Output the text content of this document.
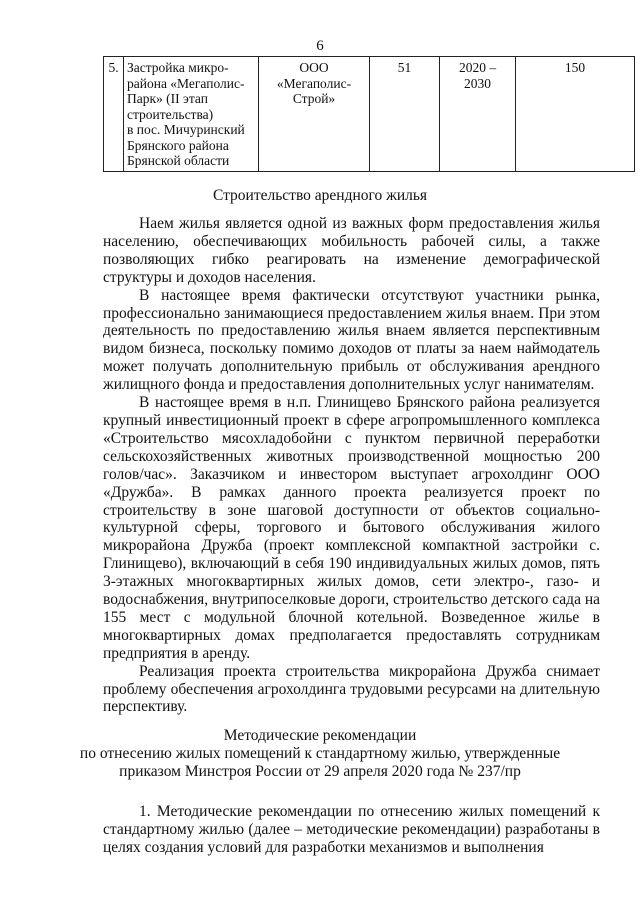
6
5.	Застройка микро-
района «Мегаполис-
Парк» (II этап
строительства)
в пос. Мичуринский
Брянского района
Брянской области	ООО «Мегаполис-
Строй»	51	2020 –
2030	150
Строительство арендного жилья

Наем жилья является одной из важных форм предоставления жилья населению, обеспечивающих мобильность рабочей силы, а также позволяющих гибко реагировать на изменение демографической структуры и доходов населения.

В настоящее время фактически отсутствуют участники рынка, профессионально занимающиеся предоставлением жилья внаем. При этом деятельность по предоставлению жилья внаем является перспективным видом бизнеса, поскольку помимо доходов от платы за наем наймодатель может получать дополнительную прибыль от обслуживания арендного жилищного фонда и предоставления дополнительных услуг нанимателям.

В настоящее время в н.п. Глинищево Брянского района реализуется крупный инвестиционный проект в сфере агропромышленного комплекса «Строительство мясохладобойни с пунктом первичной переработки сельскохозяйственных животных производственной мощностью 200 голов/час». Заказчиком и инвестором выступает агрохолдинг ООО «Дружба». В рамках данного проекта реализуется проект по строительству в зоне шаговой доступности от объектов социально-культурной сферы, торгового и бытового обслуживания жилого микрорайона Дружба (проект комплексной компактной застройки с. Глинищево), включающий в себя 190 индивидуальных жилых домов, пять 3-этажных многоквартирных жилых домов, сети электро-, газо- и водоснабжения, внутрипоселковые дороги, строительство детского сада на 155 мест с модульной блочной котельной. Возведенное жилье в многоквартирных домах предполагается предоставлять сотрудникам предприятия в аренду.

Реализация проекта строительства микрорайона Дружба снимает проблему обеспечения агрохолдинга трудовыми ресурсами на длительную перспективу.

Методические рекомендации
по отнесению жилых помещений к стандартному жилью, утвержденные
приказом Минстроя России от 29 апреля 2020 года № 237/пр

1. Методические рекомендации по отнесению жилых помещений к стандартному жилью (далее – методические рекомендации) разработаны в целях создания условий для разработки механизмов и выполнения
